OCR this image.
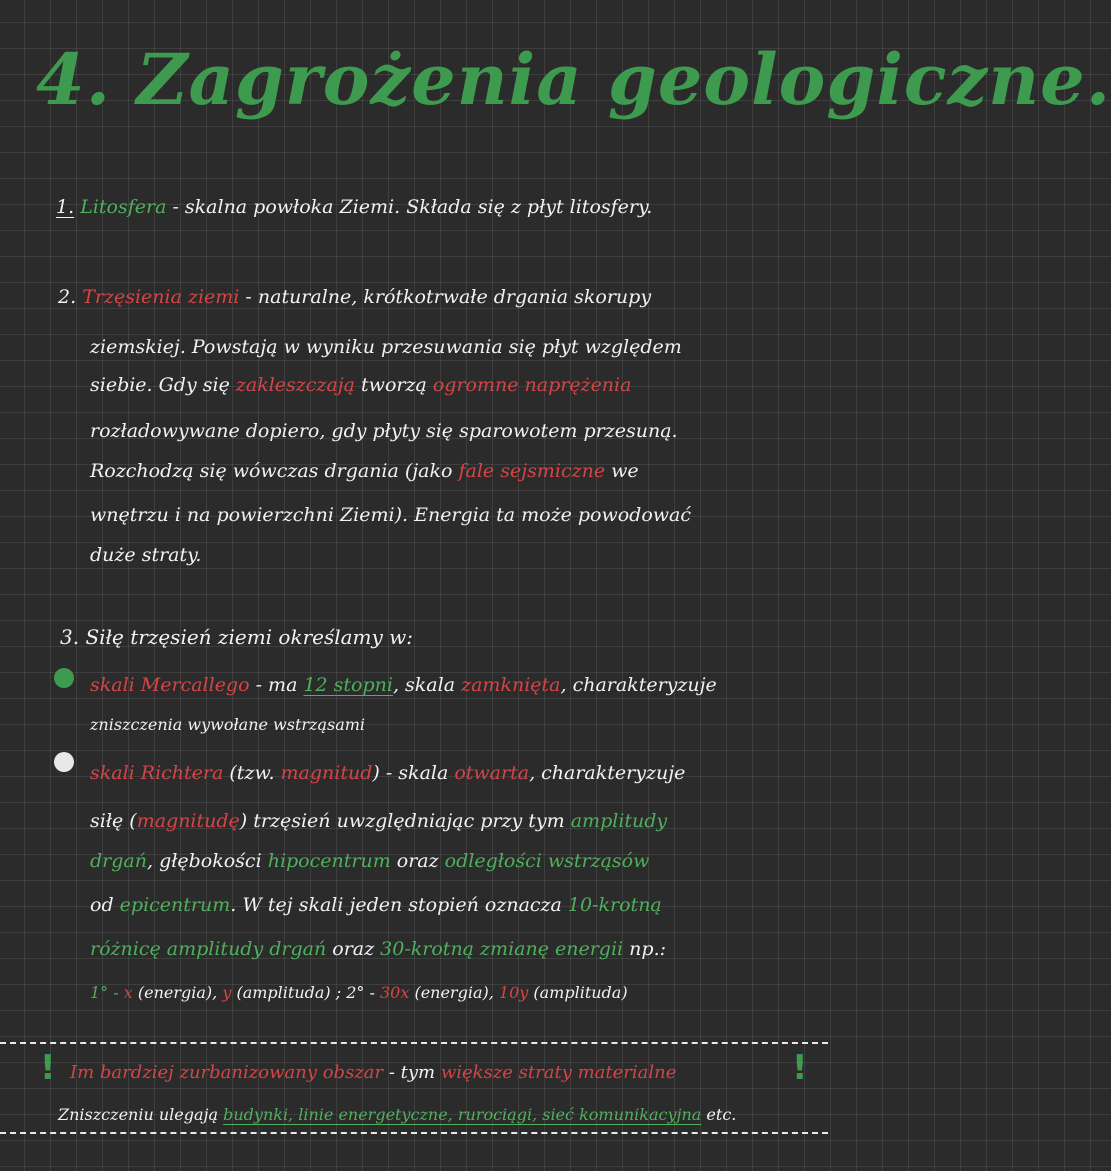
4. Zagrożenia geologiczne.
1. Litosfera - skalna powłoka Ziemi. Składa się z płyt litosfery.
2. Trzęsienia ziemi - naturalne, krótkotrwałe drgania skorupy
ziemskiej. Powstają w wyniku przesuwania się płyt względem
siebie. Gdy się zakleszczają tworzą ogromne naprężenia
rozładowywane dopiero, gdy płyty się sparowotem przesuną.
Rozchodzą się wówczas drgania (jako fale sejsmiczne we
wnętrzu i na powierzchni Ziemi). Energia ta może powodować
duże straty.
3. Siłę trzęsień ziemi określamy w:
skali Mercallego - ma 12 stopni, skala zamknięta, charakteryzuje
zniszczenia wywołane wstrząsami
skali Richtera (tzw. magnitud) - skala otwarta, charakteryzuje
siłę (magnitudę) trzęsień uwzględniając przy tym amplitudy
drgań, głębokości hipocentrum oraz odległości wstrząsów
od epicentrum. W tej skali jeden stopień oznacza 10-krotną
różnicę amplitudy drgań oraz 30-krotną zmianę energii np.:
1° - x (energia), y (amplituda) ; 2° - 30x (energia), 10y (amplituda)
! Im bardziej zurbanizowany obszar - tym większe straty materialne	!
Zniszczeniu ulegają budynki, linie energetyczne, rurociągi, sieć komunikacyjna etc.
